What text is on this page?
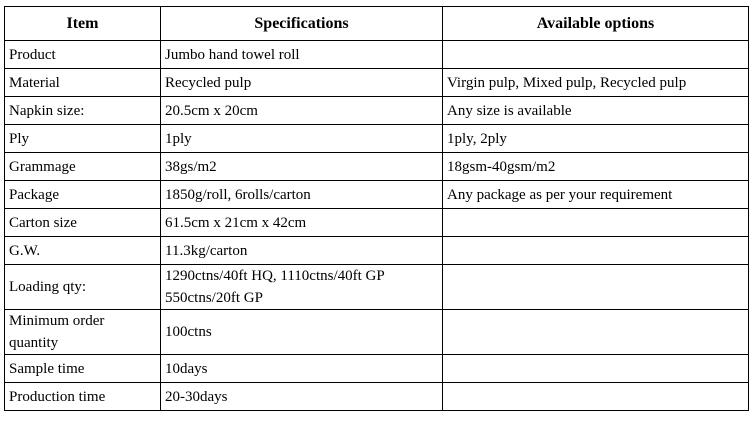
Item	Specifications	Available options
Product	Jumbo hand towel roll	

Material	Recycled pulp	Virgin pulp, Mixed pulp, Recycled pulp
Napkin size:	20.5cm x 20cm	Any size is available
Ply	1ply	1ply, 2ply
Grammage	38gs/m2	18gsm-40gsm/m2
Package	1850g/roll, 6rolls/carton	Any package as per your requirement
Carton size	61.5cm x 21cm x 42cm	

G.W.	11.3kg/carton	

Loading qty:	1290ctns/40ft HQ, 1110ctns/40ft GP
550ctns/20ft GP	

Minimum order quantity	100ctns	

Sample time	10days	

Production time	20-30days	
